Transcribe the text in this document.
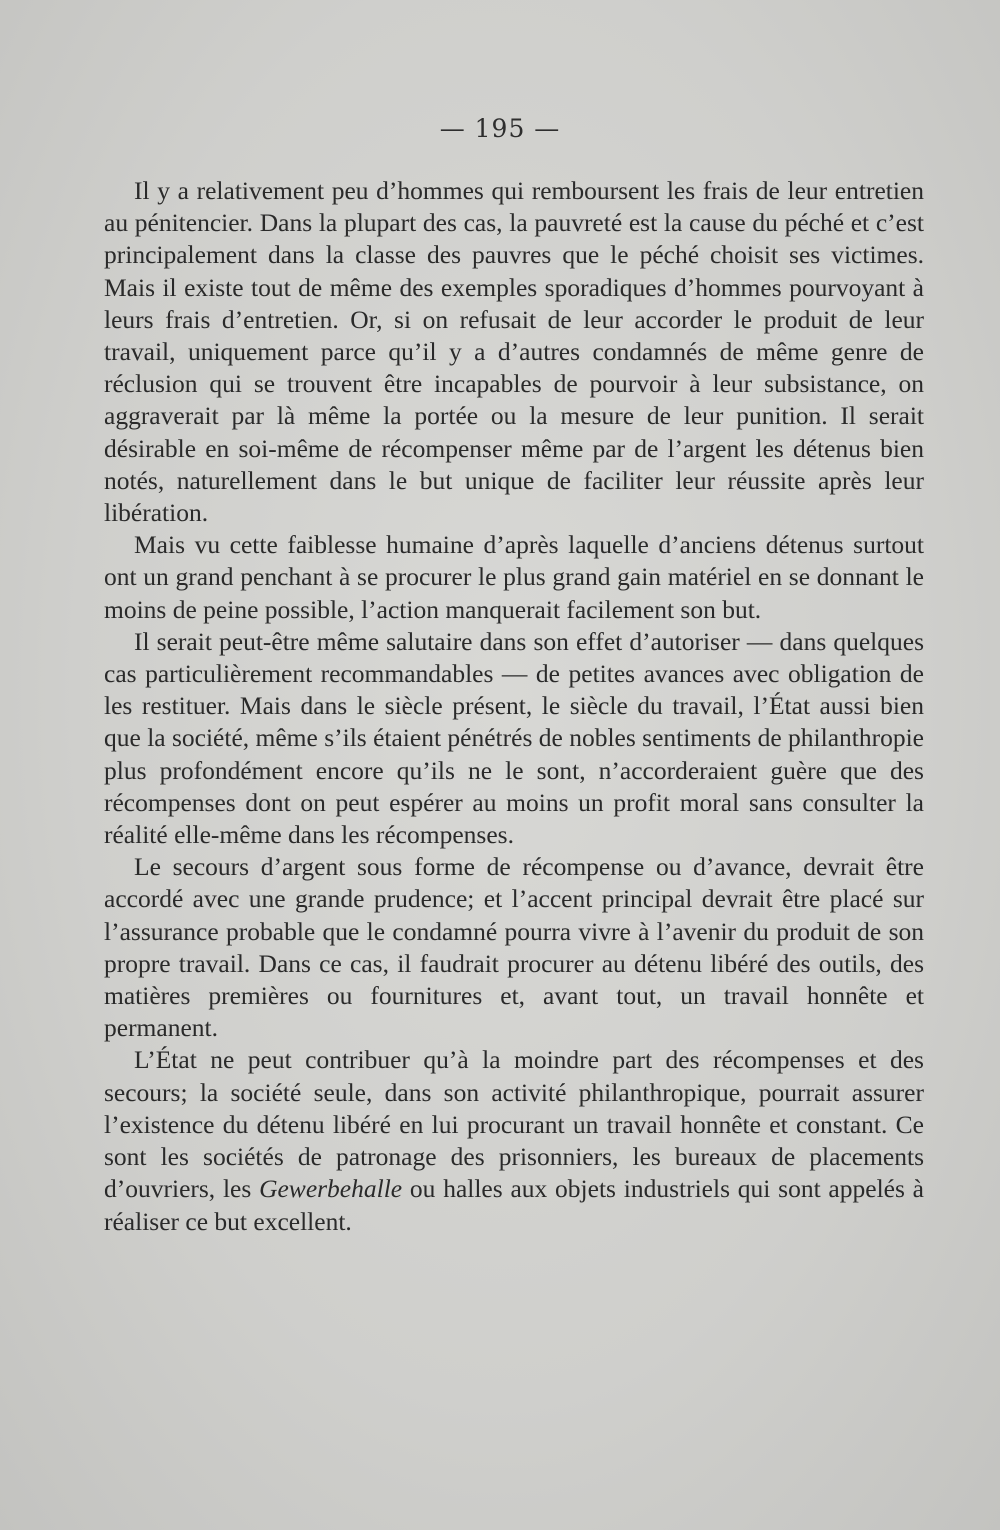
— 195 —

Il y a relativement peu d’hommes qui remboursent les frais de leur entretien au pénitencier. Dans la plupart des cas, la pauvreté est la cause du péché et c’est principalement dans la classe des pauvres que le péché choisit ses victimes. Mais il existe tout de même des exemples sporadiques d’hommes pourvoyant à leurs frais d’entretien. Or, si on refusait de leur accorder le produit de leur travail, uniquement parce qu’il y a d’autres condamnés de même genre de réclusion qui se trouvent être incapables de pourvoir à leur subsistance, on aggraverait par là même la portée ou la mesure de leur punition. Il serait désirable en soi-même de récompenser même par de l’argent les détenus bien notés, naturellement dans le but unique de faciliter leur réussite après leur libération.

Mais vu cette faiblesse humaine d’après laquelle d’anciens détenus surtout ont un grand penchant à se procurer le plus grand gain matériel en se donnant le moins de peine possible, l’action manquerait facilement son but.

Il serait peut-être même salutaire dans son effet d’autoriser — dans quelques cas particulièrement recommandables — de petites avances avec obligation de les restituer. Mais dans le siècle présent, le siècle du travail, l’État aussi bien que la société, même s’ils étaient pénétrés de nobles sentiments de philanthropie plus profondément encore qu’ils ne le sont, n’accorderaient guère que des récompenses dont on peut espérer au moins un profit moral sans consulter la réalité elle-même dans les récompenses.

Le secours d’argent sous forme de récompense ou d’avance, devrait être accordé avec une grande prudence; et l’accent principal devrait être placé sur l’assurance probable que le condamné pourra vivre à l’avenir du produit de son propre travail. Dans ce cas, il faudrait procurer au détenu libéré des outils, des matières premières ou fournitures et, avant tout, un travail honnête et permanent.

L’État ne peut contribuer qu’à la moindre part des récompenses et des secours; la société seule, dans son activité philanthropique, pourrait assurer l’existence du détenu libéré en lui procurant un travail honnête et constant. Ce sont les sociétés de patronage des prisonniers, les bureaux de placements d’ouvriers, les Gewerbehalle ou halles aux objets industriels qui sont appelés à réaliser ce but excellent.
